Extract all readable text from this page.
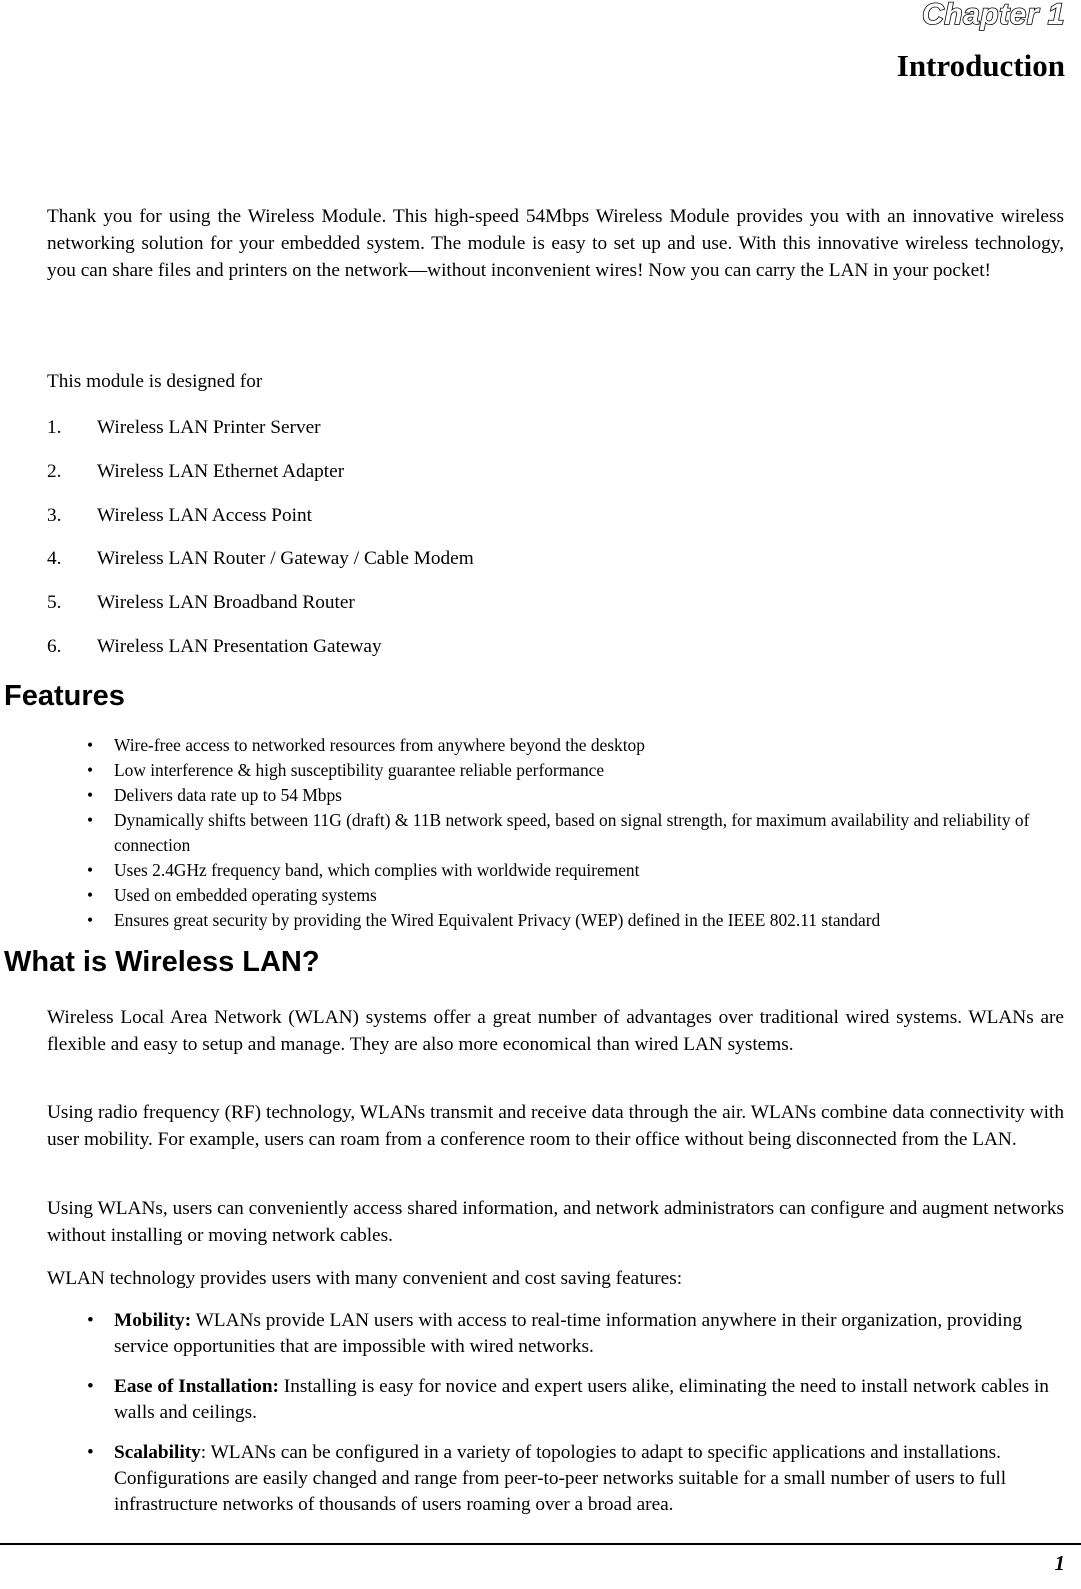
Chapter 1
Introduction

Thank you for using the Wireless Module. This high-speed 54Mbps Wireless Module provides you with an innovative wireless networking solution for your embedded system. The module is easy to set up and use. With this innovative wireless technology, you can share files and printers on the network—without inconvenient wires! Now you can carry the LAN in your pocket!

This module is designed for

1. Wireless LAN Printer Server
2. Wireless LAN Ethernet Adapter
3. Wireless LAN Access Point
4. Wireless LAN Router / Gateway / Cable Modem
5. Wireless LAN Broadband Router
6. Wireless LAN Presentation Gateway
Features
• Wire-free access to networked resources from anywhere beyond the desktop
• Low interference & high susceptibility guarantee reliable performance
• Delivers data rate up to 54 Mbps
• Dynamically shifts between 11G (draft) & 11B network speed, based on signal strength, for maximum availability and reliability of connection
• Uses 2.4GHz frequency band, which complies with worldwide requirement
• Used on embedded operating systems
• Ensures great security by providing the Wired Equivalent Privacy (WEP) defined in the IEEE 802.11 standard
What is Wireless LAN?

Wireless Local Area Network (WLAN) systems offer a great number of advantages over traditional wired systems. WLANs are flexible and easy to setup and manage. They are also more economical than wired LAN systems.

Using radio frequency (RF) technology, WLANs transmit and receive data through the air. WLANs combine data connectivity with user mobility. For example, users can roam from a conference room to their office without being disconnected from the LAN.

Using WLANs, users can conveniently access shared information, and network administrators can configure and augment networks without installing or moving network cables.

WLAN technology provides users with many convenient and cost saving features:

• Mobility: WLANs provide LAN users with access to real-time information anywhere in their organization, providing service opportunities that are impossible with wired networks.
• Ease of Installation: Installing is easy for novice and expert users alike, eliminating the need to install network cables in walls and ceilings.
• Scalability: WLANs can be configured in a variety of topologies to adapt to specific applications and installations. Configurations are easily changed and range from peer-to-peer networks suitable for a small number of users to full infrastructure networks of thousands of users roaming over a broad area.
1
